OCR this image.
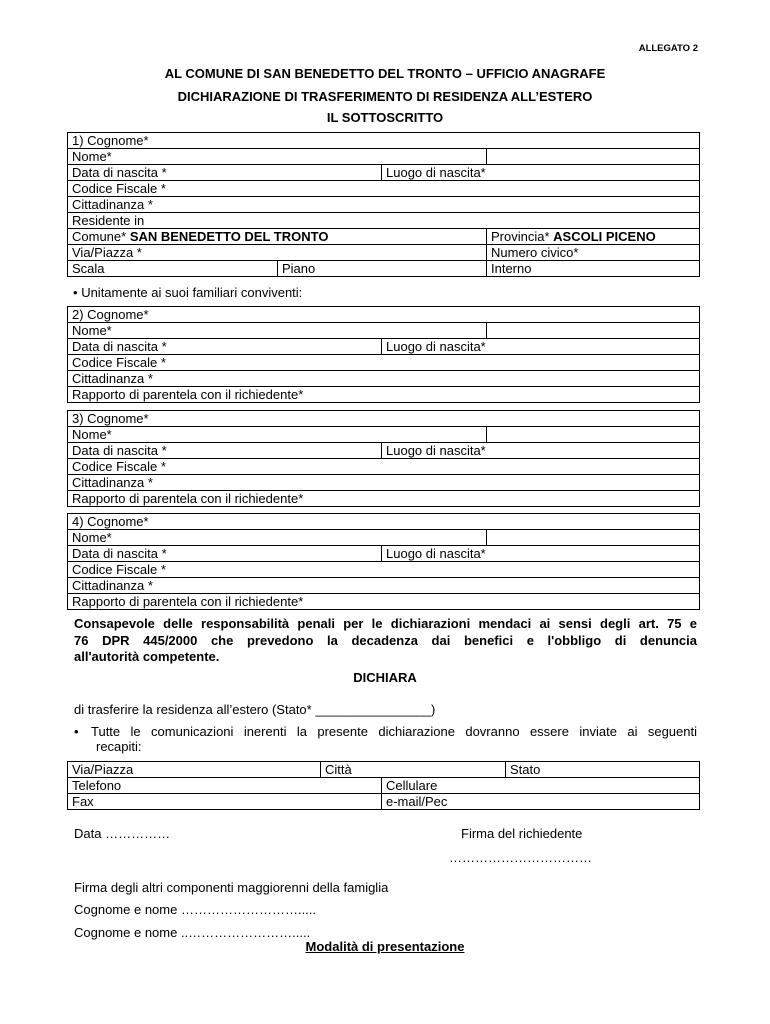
ALLEGATO 2
AL COMUNE DI SAN BENEDETTO DEL TRONTO – UFFICIO ANAGRAFE
DICHIARAZIONE DI TRASFERIMENTO DI RESIDENZA ALL’ESTERO
IL SOTTOSCRITTO
1) Cognome*			
Nome*			
Data di nascita *		Luogo di nascita*	
Codice Fiscale *			
Cittadinanza *			
Residente in			
Comune* SAN BENEDETTO DEL TRONTO			Provincia* ASCOLI PICENO
Via/Piazza *			Numero civico*
Scala	Piano		Interno
• Unitamente ai suoi familiari conviventi:
2) Cognome*		
Nome*		
Data di nascita *	Luogo di nascita*	
Codice Fiscale *		
Cittadinanza *		
Rapporto di parentela con il richiedente*		
3) Cognome*		
Nome*		
Data di nascita *	Luogo di nascita*	
Codice Fiscale *		
Cittadinanza *		
Rapporto di parentela con il richiedente*		
4) Cognome*		
Nome*		
Data di nascita *	Luogo di nascita*	
Codice Fiscale *		
Cittadinanza *		
Rapporto di parentela con il richiedente*		
Consapevole delle responsabilità penali per le dichiarazioni mendaci ai sensi degli art. 75 e
76 DPR 445/2000 che prevedono la decadenza dai benefici e l'obbligo di denuncia
all'autorità competente.
DICHIARA
di trasferire la residenza all’estero (Stato* ________________)
• Tutte le comunicazioni inerenti la presente dichiarazione dovranno essere inviate ai seguenti
recapiti:
Via/Piazza	Città		Stato
Telefono		Cellulare	
Fax		e-mail/Pec	
Data ……………	Firma del richiedente
……………………………
Firma degli altri componenti maggiorenni della famiglia
Cognome e nome ……………………….....
Cognome e nome ..…………………….....
Modalità di presentazione
